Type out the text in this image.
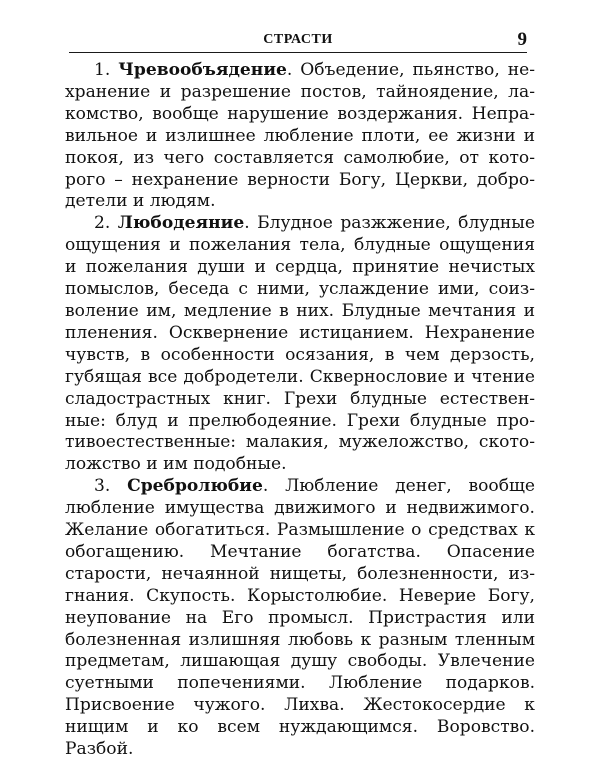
СТРАСТИ	9

1. Чревообъядение. Объедение, пьянство, нехранение и разрешение постов, тайноядение, лакомство, вообще нарушение воздержания. Неправильное и излишнее любление плоти, ее жизни и покоя, из чего составляется самолюбие, от которого – нехранение верности Богу, Церкви, добродетели и людям.

2. Любодеяние. Блудное разжжение, блудные ощущения и пожелания тела, блудные ощущения и пожелания души и сердца, принятие нечистых помыслов, беседа с ними, услаждение ими, соизволение им, медление в них. Блудные мечтания и пленения. Осквернение истицанием. Нехранение чувств, в особенности осязания, в чем дерзость, губящая все добродетели. Сквернословие и чтение сладострастных книг. Грехи блудные естественные: блуд и прелюбодеяние. Грехи блудные противоестественные: малакия, мужеложство, скотоложство и им подобные.

3. Сребролюбие. Любление денег, вообще любление имущества движимого и недвижимого. Желание обогатиться. Размышление о средствах к обогащению. Мечтание богатства. Опасение старости, нечаянной нищеты, болезненности, изгнания. Скупость. Корыстолюбие. Неверие Богу, неупование на Его промысл. Пристрастия или болезненная излишняя любовь к разным тленным предметам, лишающая душу свободы. Увлечение суетными попечениями. Любление подарков. Присвоение чужого. Лихва. Жестокосердие к нищим и ко всем нуждающимся. Воровство. Разбой.
